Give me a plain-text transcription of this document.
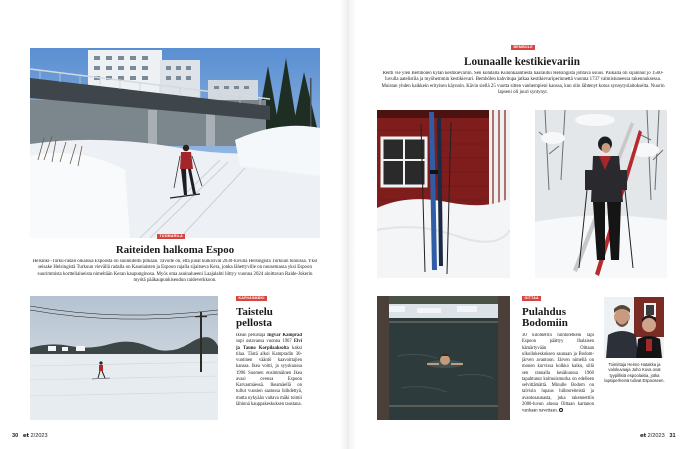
TUOMARILA
Raiteiden halkoma Espoo
Helsinki–Turku-radan oikaisua Espoosta on suunniteltu pitkään. Tavoite on, että junat kulkisivat 2030-luvulla Helsingistä Turkuun tunnissa. Yksi seisake Helsingistä Turkuun vievällä radalla on Kauniaisten ja Espoon rajalla sijaitseva Kera, jonka lähettyville on nousemassa yksi Espoon suurimmista korttelialueista nimeltään Keran kaupunginosa. Myös oma asuinalueeni Laajalahti liittyy vuonna 2024 aloittavan Raide-Jokerin myötä pääkaupunkiseudun raideverkkoon.
KARVASMÄKI
Taistelu pellosta
Ikean perustaja Ingvar Kamprad sopi ostavansa vuonna 1967 Elvi ja Tauno Korpilaaksolta kaksi tilaa. Tästä alkoi Kampradin 30-vuotinen vääntö kaavoittajien kanssa. Ikea voitti, ja syyskuussa 1996 Suomen ensimmäinen Ikea avasi ovensa Espoon Karvasmäessä. Ikeamäellä on tullut vuosien saatossa hiihdettyä, mutta nykyään valtava mäki toimii lähinnä kauppakeskuksen taustana.
30 et 2/2023
BEMBÖLE
Lounaalle kestikievariin
Reitti vie ylen Bembölen kylän kestikievariin. Sen kohdalla Kuninkaantiestä haarautui Helsingistä johtava osuus. Paikalla oli sijainnut jo 1560-luvulla aatelistila ja myöhemmin kestikievari. Bembölen kahvitupa jatkaa kestikievariperinnettä vuonna 1737 valmistuneessa rakennuksessa. Muistan yhden kaikkein erityisen käynnin. Kävin siellä 25 vuotta sitten vanhempieni kanssa, kun olin lähtenyt kotoa synnytyslaitokselta. Nuorin lapseni oli juuri syntynyt.
OITTAA
Pulahdus Bodomiin
30 kilometrin hiihtoretkeni läpi Espoon päättyy Ihalaisen hämärtyvään Oittaan ulkoilukeskuksen saunaan ja Bodom-järven avantoon. Järven nimellä on monen korvissa kolkko kaiku, sillä sen rannalla kesäkuussa 1960 tapahtunut kolmoismurha on edelleen selvittämättä. Minulle Bodom on talvisin lupaus hiihtoreiteistä ja avantosaunasta, joka rakennettiin 2000-luvun alussa Oittaan kartanon vanhaan navettaan.
Toimittaja Heimo Hatakka ja valokuvaaja Juho Kuva ovat tyypillisiä espoolaisia, jotka lapsiperheinä tulivat Espooseen.
et 2/2023 31
